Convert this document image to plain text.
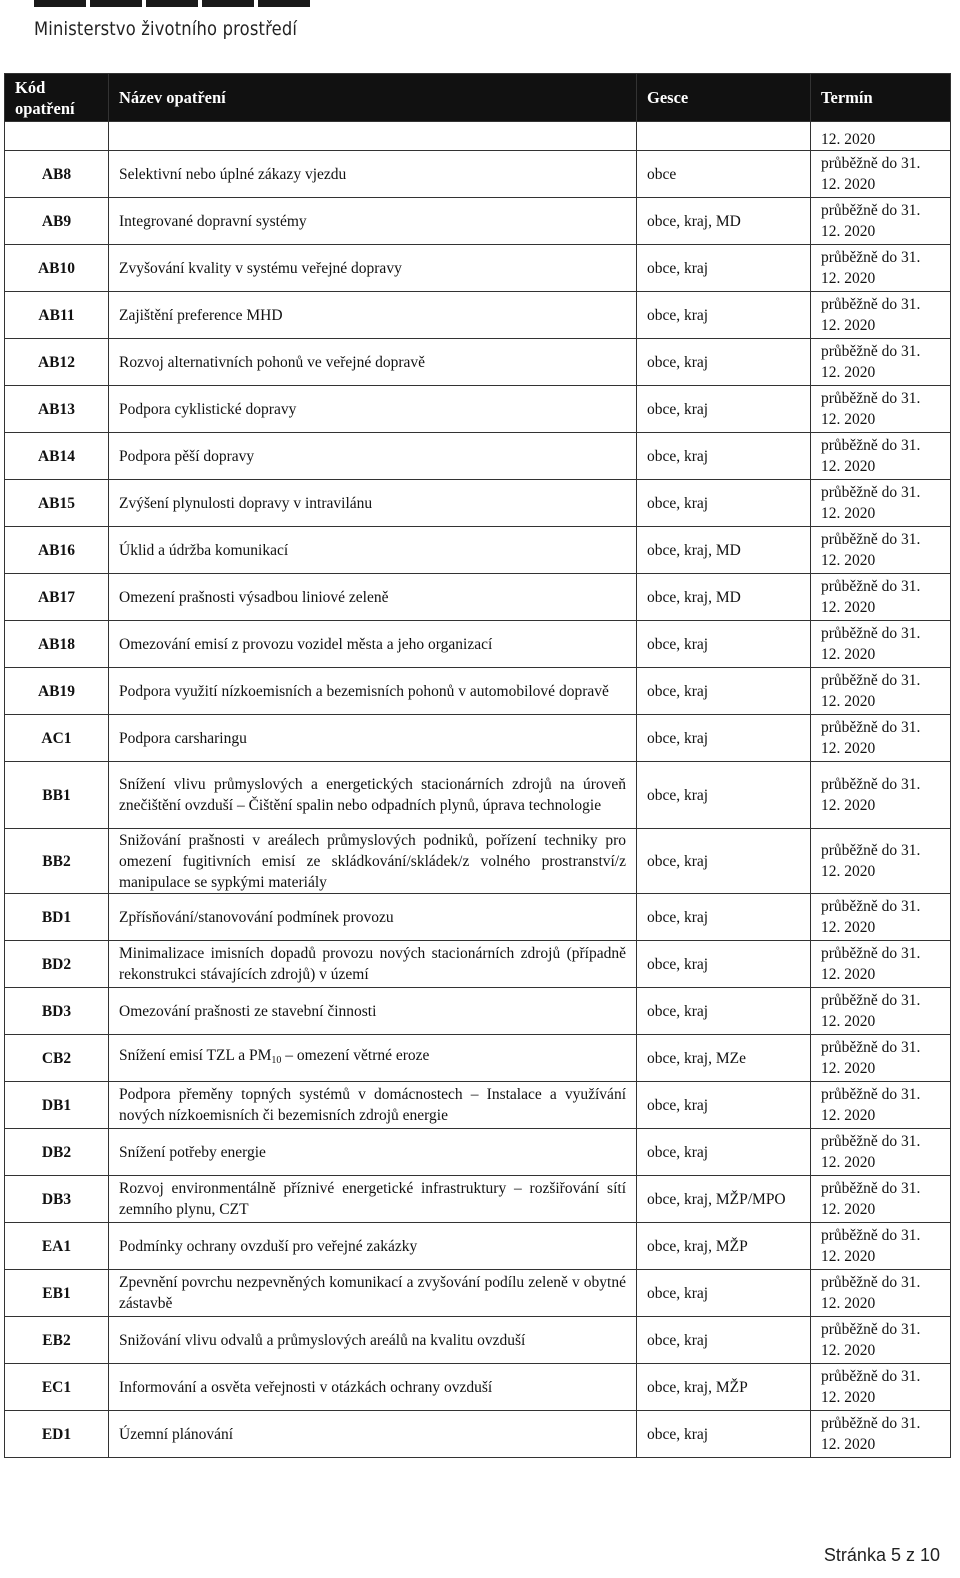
Ministerstvo životního prostředí
Kód opatření	Název opatření	Gesce	Termín
			12. 2020
AB8	Selektivní nebo úplné zákazy vjezdu	obce	průběžně do 31. 12. 2020
AB9	Integrované dopravní systémy	obce, kraj, MD	průběžně do 31. 12. 2020
AB10	Zvyšování kvality v systému veřejné dopravy	obce, kraj	průběžně do 31. 12. 2020
AB11	Zajištění preference MHD	obce, kraj	průběžně do 31. 12. 2020
AB12	Rozvoj alternativních pohonů ve veřejné dopravě	obce, kraj	průběžně do 31. 12. 2020
AB13	Podpora cyklistické dopravy	obce, kraj	průběžně do 31. 12. 2020
AB14	Podpora pěší dopravy	obce, kraj	průběžně do 31. 12. 2020
AB15	Zvýšení plynulosti dopravy v intravilánu	obce, kraj	průběžně do 31. 12. 2020
AB16	Úklid a údržba komunikací	obce, kraj, MD	průběžně do 31. 12. 2020
AB17	Omezení prašnosti výsadbou liniové zeleně	obce, kraj, MD	průběžně do 31. 12. 2020
AB18	Omezování emisí z provozu vozidel města a jeho organizací	obce, kraj	průběžně do 31. 12. 2020
AB19	Podpora využití nízkoemisních a bezemisních pohonů v automobilové dopravě	obce, kraj	průběžně do 31. 12. 2020
AC1	Podpora carsharingu	obce, kraj	průběžně do 31. 12. 2020
BB1	Snížení vlivu průmyslových a energetických stacionárních zdrojů na úroveň znečištění ovzduší – Čištění spalin nebo odpadních plynů, úprava technologie	obce, kraj	průběžně do 31. 12. 2020
BB2	Snižování prašnosti v areálech průmyslových podniků, pořízení techniky pro omezení fugitivních emisí ze skládkování/skládek/z volného prostranství/z manipulace se sypkými materiály	obce, kraj	průběžně do 31. 12. 2020
BD1	Zpřísňování/stanovování podmínek provozu	obce, kraj	průběžně do 31. 12. 2020
BD2	Minimalizace imisních dopadů provozu nových stacionárních zdrojů (případně rekonstrukci stávajících zdrojů) v území	obce, kraj	průběžně do 31. 12. 2020
BD3	Omezování prašnosti ze stavební činnosti	obce, kraj	průběžně do 31. 12. 2020
CB2	Snížení emisí TZL a $PM_{10}$ – omezení větrné eroze	obce, kraj, MZe	průběžně do 31. 12. 2020
DB1	Podpora přeměny topných systémů v domácnostech – Instalace a využívání nových nízkoemisních či bezemisních zdrojů energie	obce, kraj	průběžně do 31. 12. 2020
DB2	Snížení potřeby energie	obce, kraj	průběžně do 31. 12. 2020
DB3	Rozvoj environmentálně příznivé energetické infrastruktury – rozšiřování sítí zemního plynu, CZT	obce, kraj, MŽP/MPO	průběžně do 31. 12. 2020
EA1	Podmínky ochrany ovzduší pro veřejné zakázky	obce, kraj, MŽP	průběžně do 31. 12. 2020
EB1	Zpevnění povrchu nezpevněných komunikací a zvyšování podílu zeleně v obytné zástavbě	obce, kraj	průběžně do 31. 12. 2020
EB2	Snižování vlivu odvalů a průmyslových areálů na kvalitu ovzduší	obce, kraj	průběžně do 31. 12. 2020
EC1	Informování a osvěta veřejnosti v otázkách ochrany ovzduší	obce, kraj, MŽP	průběžně do 31. 12. 2020
ED1	Územní plánování	obce, kraj	průběžně do 31. 12. 2020
Stránka 5 z 10
